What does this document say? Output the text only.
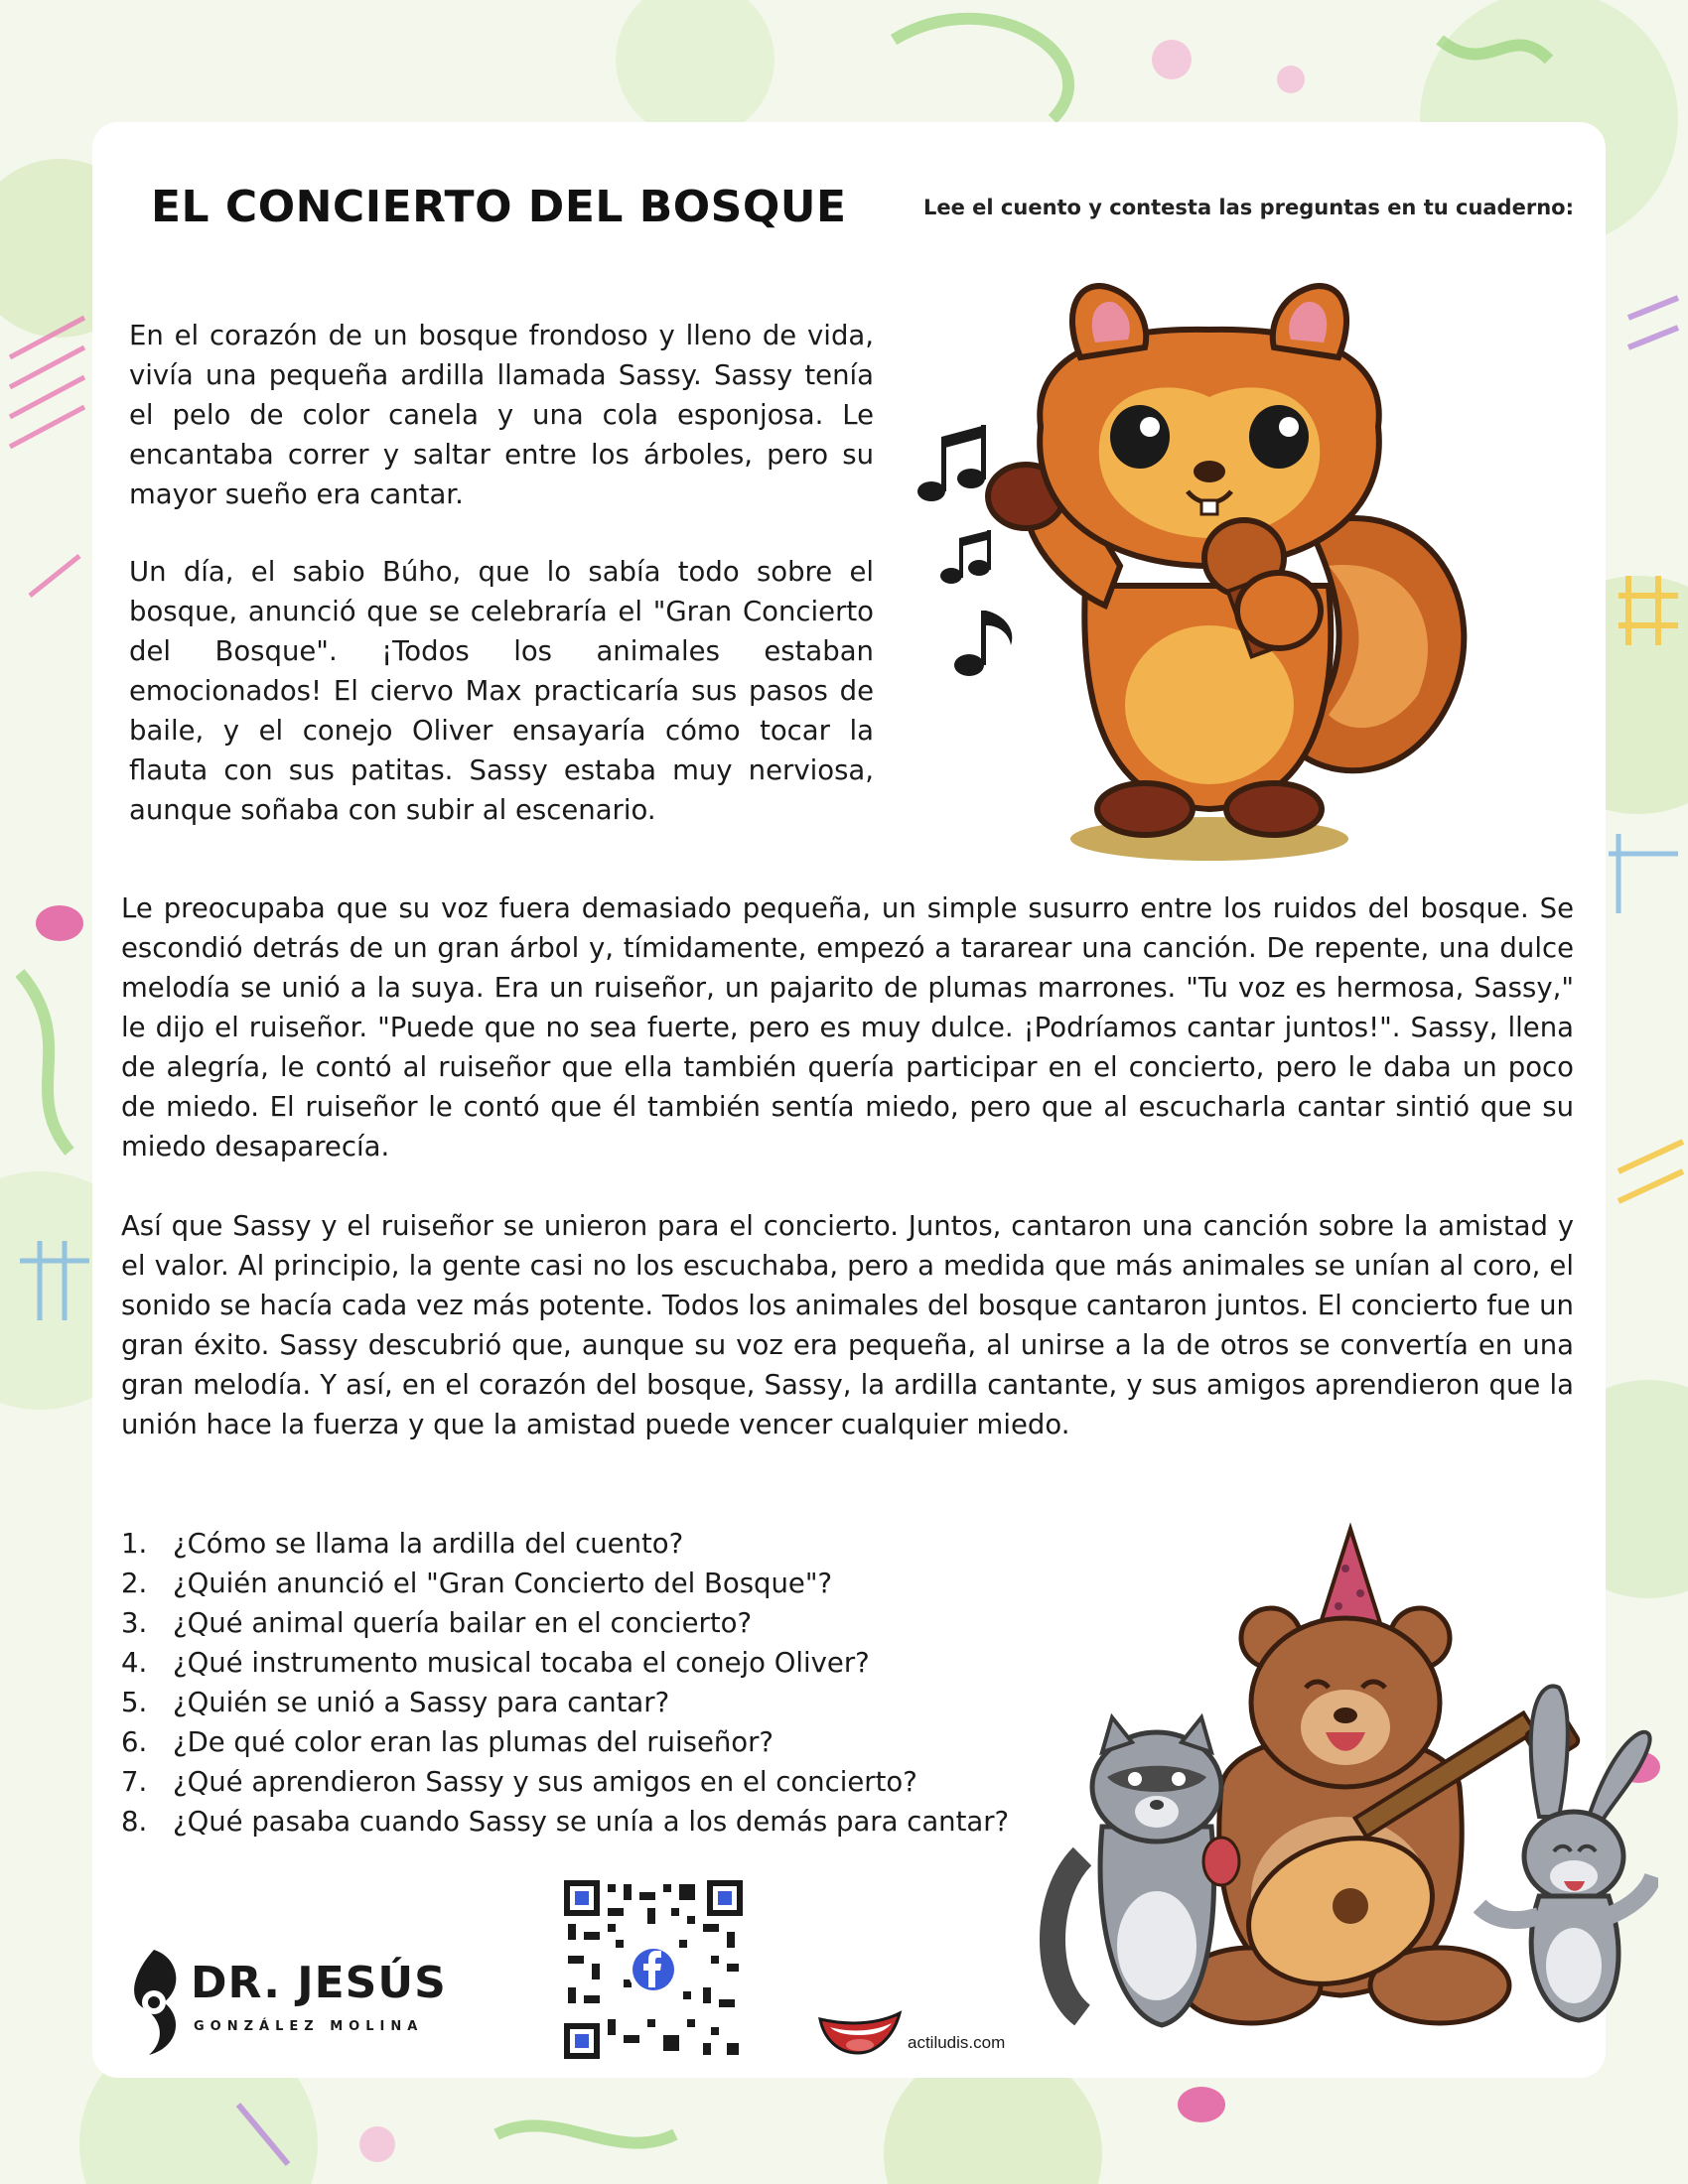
EL CONCIERTO DEL BOSQUE	Lee el cuento y contesta las preguntas en tu cuaderno:

En el corazón de un bosque frondoso y lleno de vida, vivía una pequeña ardilla llamada Sassy. Sassy tenía el pelo de color canela y una cola esponjosa. Le encantaba correr y saltar entre los árboles, pero su mayor sueño era cantar.

Un día, el sabio Búho, que lo sabía todo sobre el bosque, anunció que se celebraría el "Gran Concierto del Bosque". ¡Todos los animales estaban emocionados! El ciervo Max practicaría sus pasos de baile, y el conejo Oliver ensayaría cómo tocar la flauta con sus patitas. Sassy estaba muy nerviosa, aunque soñaba con subir al escenario.

Le preocupaba que su voz fuera demasiado pequeña, un simple susurro entre los ruidos del bosque. Se escondió detrás de un gran árbol y, tímidamente, empezó a tararear una canción. De repente, una dulce melodía se unió a la suya. Era un ruiseñor, un pajarito de plumas marrones. "Tu voz es hermosa, Sassy," le dijo el ruiseñor. "Puede que no sea fuerte, pero es muy dulce. ¡Podríamos cantar juntos!". Sassy, llena de alegría, le contó al ruiseñor que ella también quería participar en el concierto, pero le daba un poco de miedo. El ruiseñor le contó que él también sentía miedo, pero que al escucharla cantar sintió que su miedo desaparecía.

Así que Sassy y el ruiseñor se unieron para el concierto. Juntos, cantaron una canción sobre la amistad y el valor. Al principio, la gente casi no los escuchaba, pero a medida que más animales se unían al coro, el sonido se hacía cada vez más potente. Todos los animales del bosque cantaron juntos. El concierto fue un gran éxito. Sassy descubrió que, aunque su voz era pequeña, al unirse a la de otros se convertía en una gran melodía. Y así, en el corazón del bosque, Sassy, la ardilla cantante, y sus amigos aprendieron que la unión hace la fuerza y que la amistad puede vencer cualquier miedo.

1. ¿Cómo se llama la ardilla del cuento?
2. ¿Quién anunció el "Gran Concierto del Bosque"?
3. ¿Qué animal quería bailar en el concierto?
4. ¿Qué instrumento musical tocaba el conejo Oliver?
5. ¿Quién se unió a Sassy para cantar?
6. ¿De qué color eran las plumas del ruiseñor?
7. ¿Qué aprendieron Sassy y sus amigos en el concierto?
8. ¿Qué pasaba cuando Sassy se unía a los demás para cantar?
DR. JESÚS
GONZÁLEZ MOLINA
actiludis.com
